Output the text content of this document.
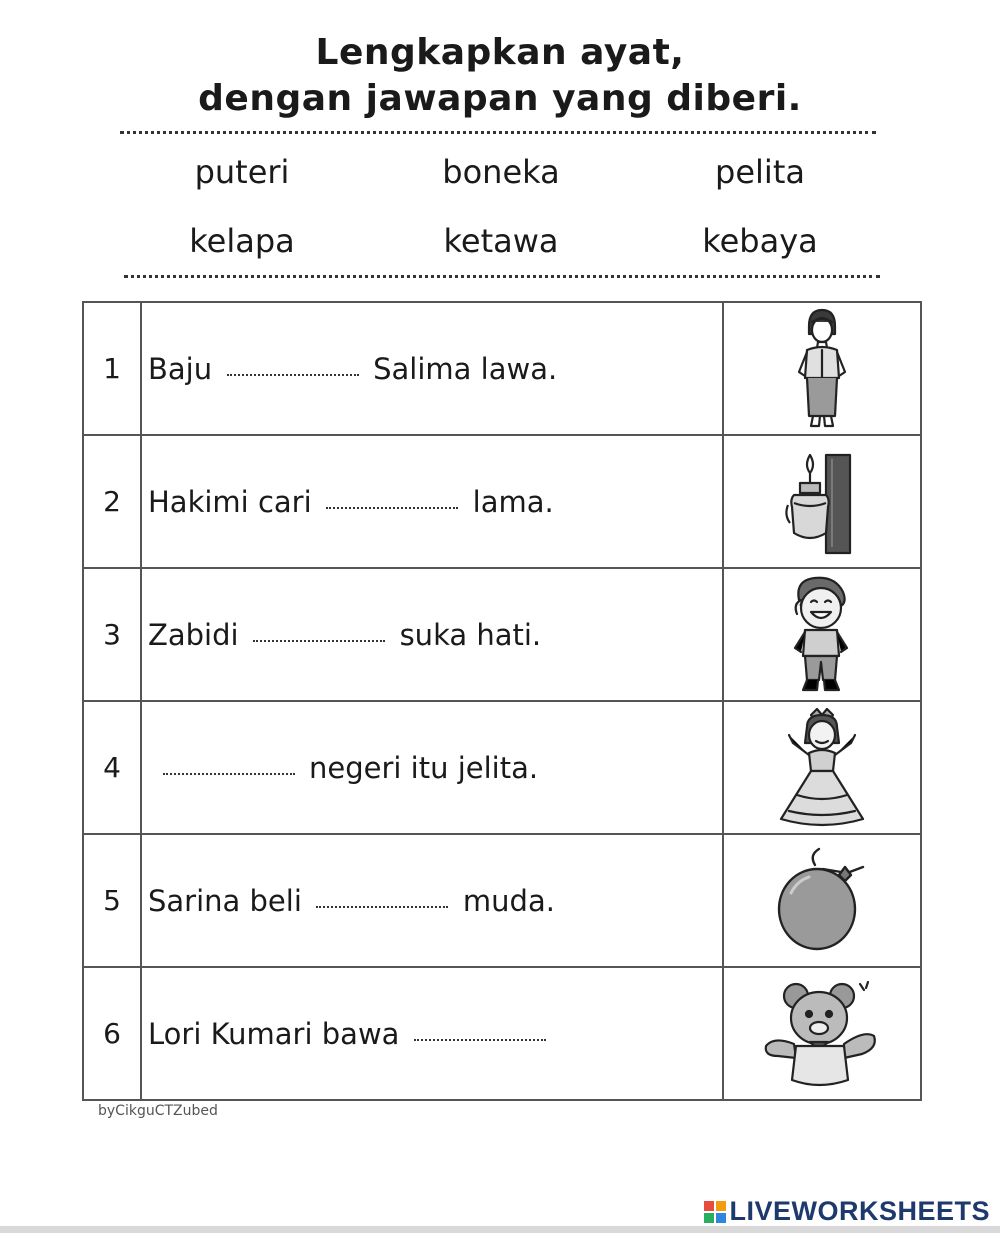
Lengkapkan ayat,
dengan jawapan yang diberi.
puteri	boneka	pelita
kelapa	ketawa	kebaya
1	Baju Salima lawa.	

2	Hakimi cari lama.	

3	Zabidi suka hati.	

4	negeri itu jelita.	

5	Sarina beli muda.	

6	Lori Kumari bawa	
byCikguCTZubed
LIVEWORKSHEETS
